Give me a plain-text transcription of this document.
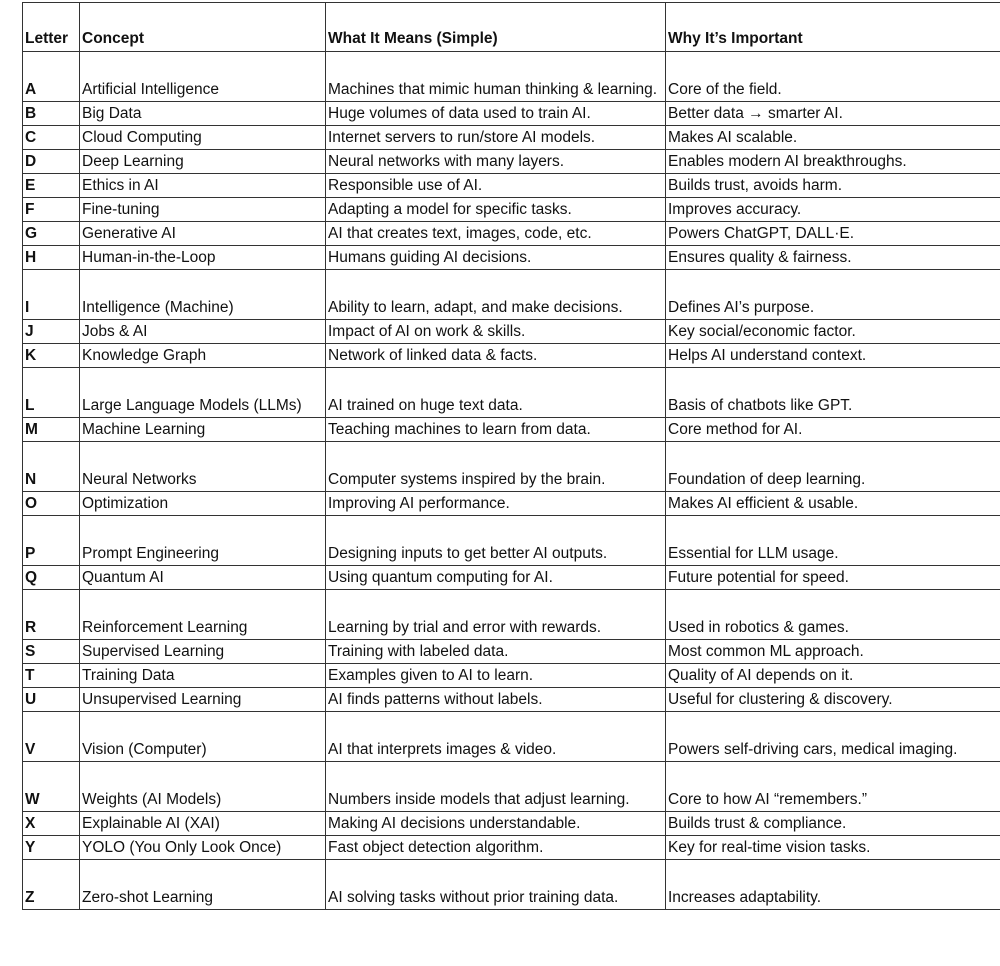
Letter	Concept	What It Means (Simple)	Why It’s Important
A	Artificial Intelligence	Machines that mimic human thinking & learning.	Core of the field.
B	Big Data	Huge volumes of data used to train AI.	Better data → smarter AI.
C	Cloud Computing	Internet servers to run/store AI models.	Makes AI scalable.
D	Deep Learning	Neural networks with many layers.	Enables modern AI breakthroughs.
E	Ethics in AI	Responsible use of AI.	Builds trust, avoids harm.
F	Fine-tuning	Adapting a model for specific tasks.	Improves accuracy.
G	Generative AI	AI that creates text, images, code, etc.	Powers ChatGPT, DALL·E.
H	Human-in-the-Loop	Humans guiding AI decisions.	Ensures quality & fairness.
I	Intelligence (Machine)	Ability to learn, adapt, and make decisions.	Defines AI’s purpose.
J	Jobs & AI	Impact of AI on work & skills.	Key social/economic factor.
K	Knowledge Graph	Network of linked data & facts.	Helps AI understand context.
L	Large Language Models (LLMs)	AI trained on huge text data.	Basis of chatbots like GPT.
M	Machine Learning	Teaching machines to learn from data.	Core method for AI.
N	Neural Networks	Computer systems inspired by the brain.	Foundation of deep learning.
O	Optimization	Improving AI performance.	Makes AI efficient & usable.
P	Prompt Engineering	Designing inputs to get better AI outputs.	Essential for LLM usage.
Q	Quantum AI	Using quantum computing for AI.	Future potential for speed.
R	Reinforcement Learning	Learning by trial and error with rewards.	Used in robotics & games.
S	Supervised Learning	Training with labeled data.	Most common ML approach.
T	Training Data	Examples given to AI to learn.	Quality of AI depends on it.
U	Unsupervised Learning	AI finds patterns without labels.	Useful for clustering & discovery.
V	Vision (Computer)	AI that interprets images & video.	Powers self-driving cars, medical imaging.
W	Weights (AI Models)	Numbers inside models that adjust learning.	Core to how AI “remembers.”
X	Explainable AI (XAI)	Making AI decisions understandable.	Builds trust & compliance.
Y	YOLO (You Only Look Once)	Fast object detection algorithm.	Key for real-time vision tasks.
Z	Zero-shot Learning	AI solving tasks without prior training data.	Increases adaptability.
